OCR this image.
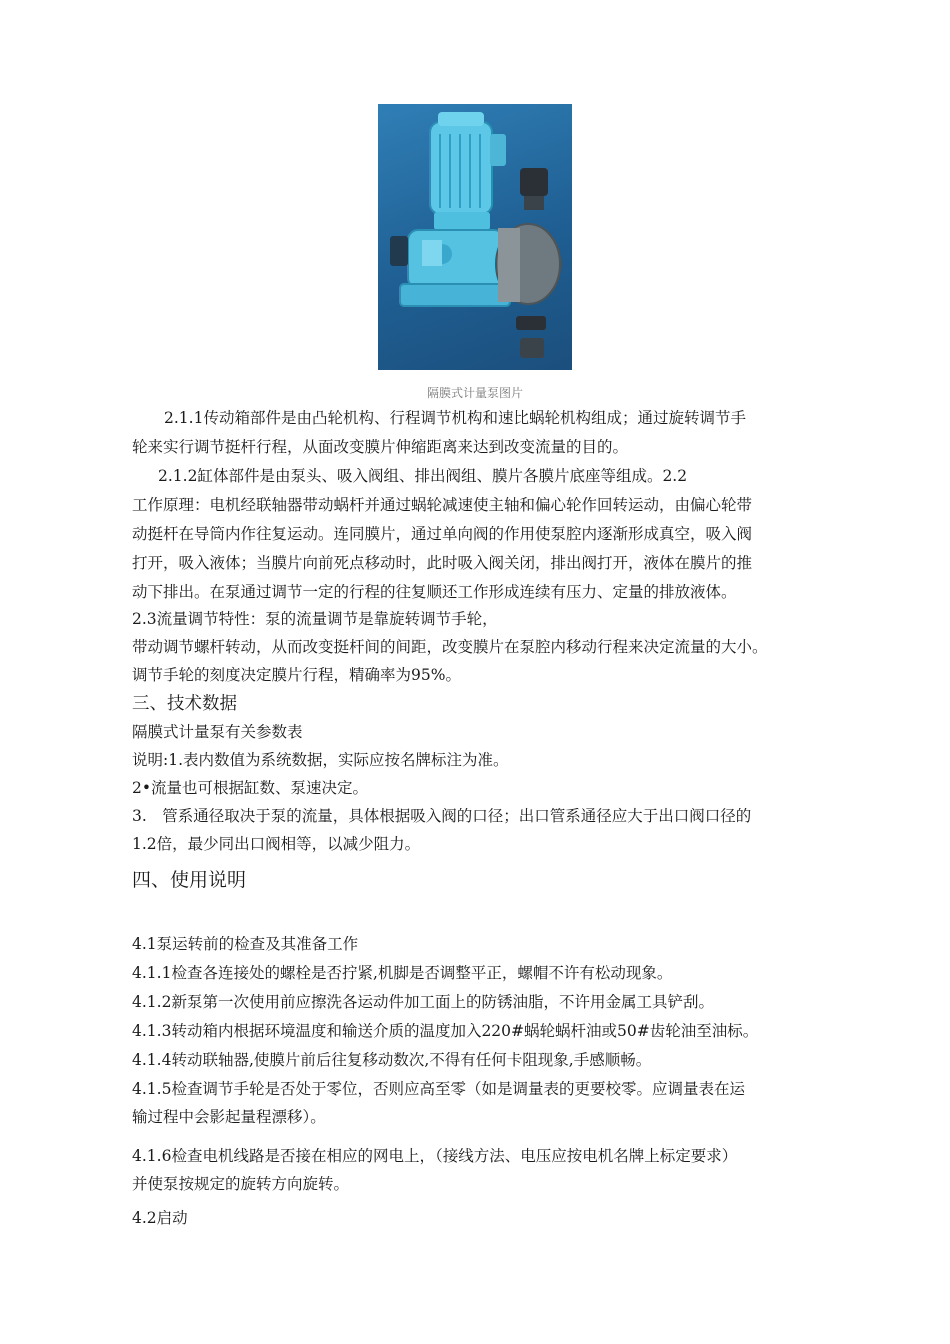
隔膜式计量泵图片
2.1.1传动箱部件是由凸轮机构、行程调节机构和速比蜗轮机构组成；通过旋转调节手
轮来实行调节挺杆行程，从面改变膜片伸缩距离来达到改变流量的目的。
2.1.2缸体部件是由泵头、吸入阀组、排出阀组、膜片各膜片底座等组成。2.2
工作原理：电机经联轴器带动蜗杆并通过蜗轮减速使主轴和偏心轮作回转运动，由偏心轮带
动挺杆在导筒内作往复运动。连同膜片，通过单向阀的作用使泵腔内逐渐形成真空，吸入阀
打开，吸入液体；当膜片向前死点移动时，此时吸入阀关闭，排出阀打开，液体在膜片的推
动下排出。在泵通过调节一定的行程的往复顺还工作形成连续有压力、定量的排放液体。
2.3流量调节特性：泵的流量调节是靠旋转调节手轮，
带动调节螺杆转动，从而改变挺杆间的间距，改变膜片在泵腔内移动行程来决定流量的大小。
调节手轮的刻度决定膜片行程，精确率为95%。
三、技术数据
隔膜式计量泵有关参数表
说明:1.表内数值为系统数据，实际应按名牌标注为准。
2•流量也可根据缸数、泵速决定。
3.　管系通径取决于泵的流量，具体根据吸入阀的口径；出口管系通径应大于出口阀口径的
1.2倍，最少同出口阀相等，以减少阻力。
四、使用说明
4.1泵运转前的检查及其准备工作
4.1.1检查各连接处的螺栓是否拧紧,机脚是否调整平正，螺帽不许有松动现象。
4.1.2新泵第一次使用前应擦洗各运动件加工面上的防锈油脂，不许用金属工具铲刮。
4.1.3转动箱内根据环境温度和输送介质的温度加入220#蜗轮蜗杆油或50#齿轮油至油标。
4.1.4转动联轴器,使膜片前后往复移动数次,不得有任何卡阻现象,手感顺畅。
4.1.5检查调节手轮是否处于零位，否则应高至零（如是调量表的更要校零。应调量表在运
输过程中会影起量程漂移）。
4.1.6检查电机线路是否接在相应的网电上，（接线方法、电压应按电机名牌上标定要求）
并使泵按规定的旋转方向旋转。
4.2启动
